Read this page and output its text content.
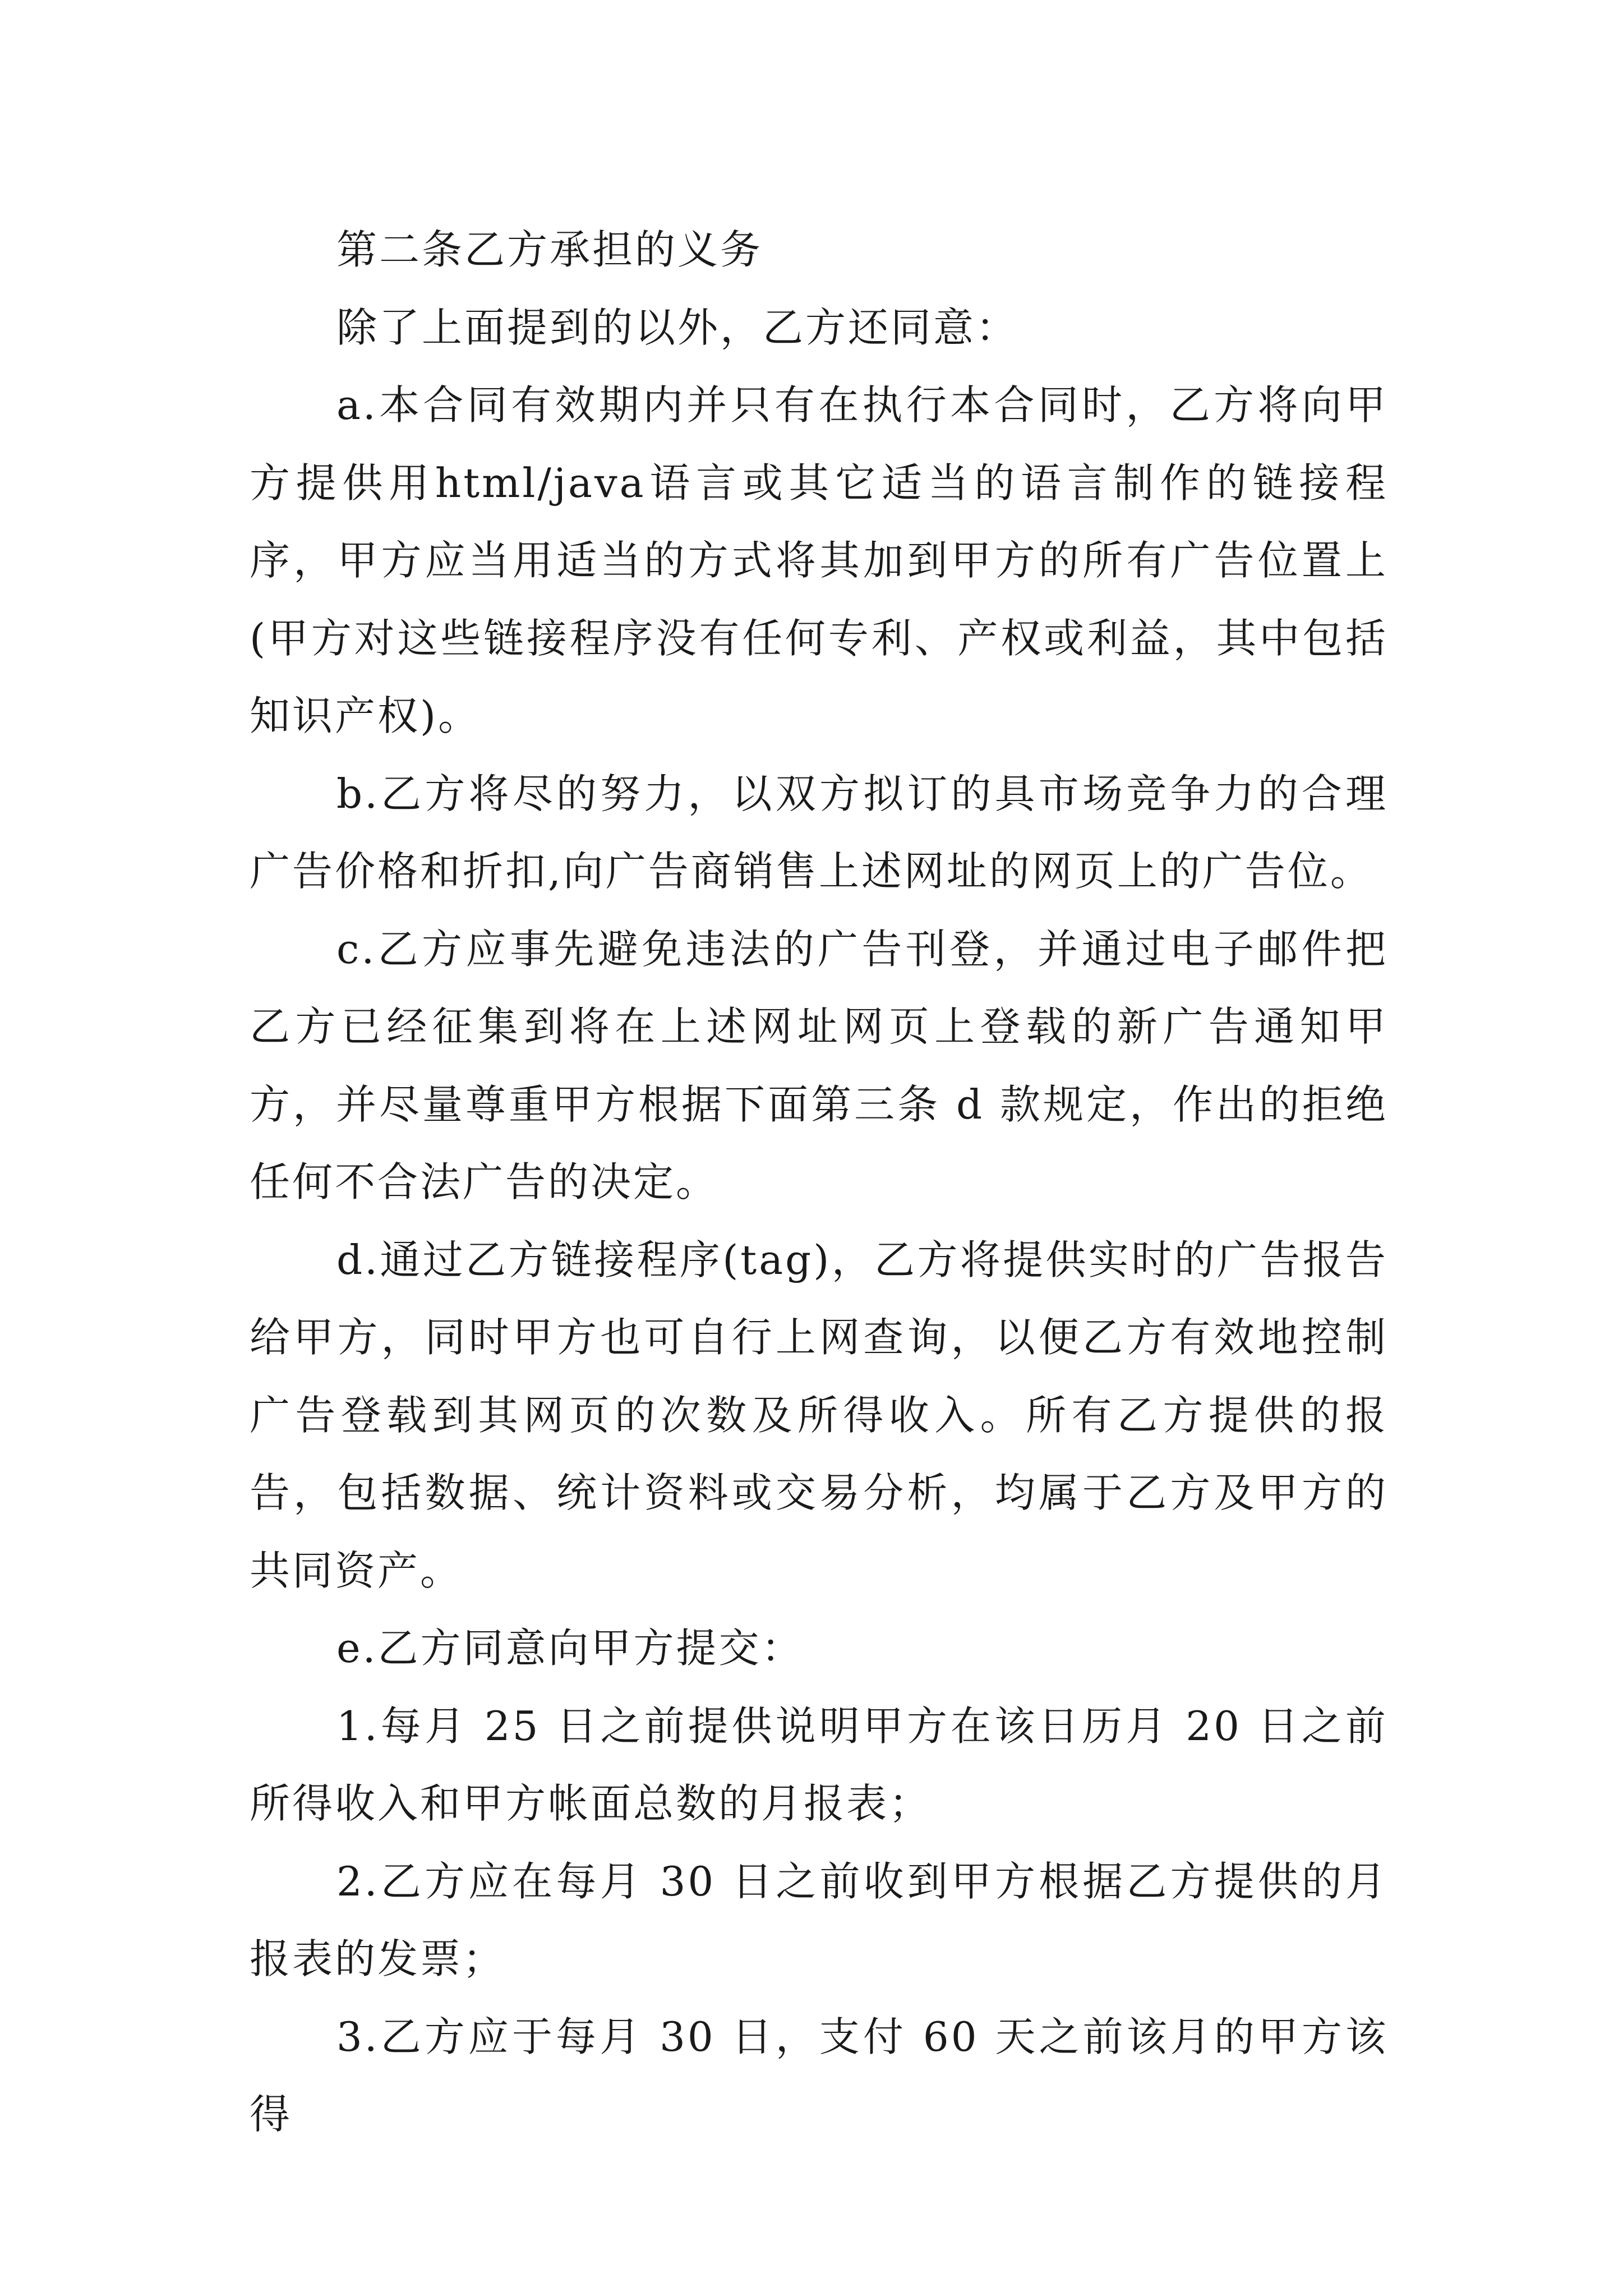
第二条乙方承担的义务

除了上面提到的以外，乙方还同意：

a.本合同有效期内并只有在执行本合同时，乙方将向甲方提供用html/java语言或其它适当的语言制作的链接程序，甲方应当用适当的方式将其加到甲方的所有广告位置上(甲方对这些链接程序没有任何专利、产权或利益，其中包括知识产权)。

b.乙方将尽的努力，以双方拟订的具市场竞争力的合理广告价格和折扣,向广告商销售上述网址的网页上的广告位。

c.乙方应事先避免违法的广告刊登，并通过电子邮件把乙方已经征集到将在上述网址网页上登载的新广告通知甲方，并尽量尊重甲方根据下面第三条 d 款规定，作出的拒绝任何不合法广告的决定。

d.通过乙方链接程序(tag)，乙方将提供实时的广告报告给甲方，同时甲方也可自行上网查询，以便乙方有效地控制广告登载到其网页的次数及所得收入。所有乙方提供的报告，包括数据、统计资料或交易分析，均属于乙方及甲方的共同资产。

e.乙方同意向甲方提交：

1.每月 25 日之前提供说明甲方在该日历月 20 日之前所得收入和甲方帐面总数的月报表；

2.乙方应在每月 30 日之前收到甲方根据乙方提供的月报表的发票；

3.乙方应于每月 30 日，支付 60 天之前该月的甲方该得
